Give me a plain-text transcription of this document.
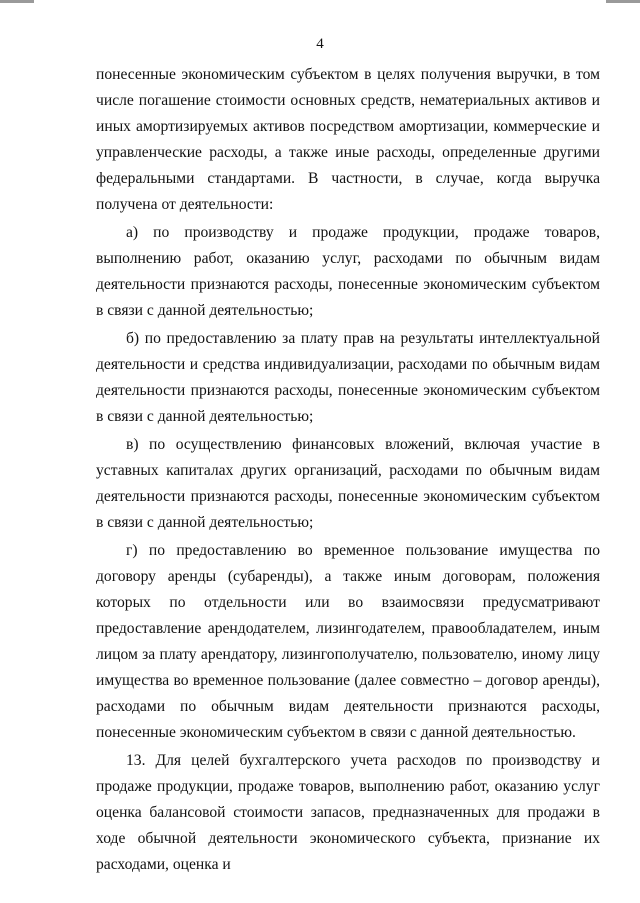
4

понесенные экономическим субъектом в целях получения выручки, в том числе погашение стоимости основных средств, нематериальных активов и иных амортизируемых активов посредством амортизации, коммерческие и управленческие расходы, а также иные расходы, определенные другими федеральными стандартами. В частности, в случае, когда выручка получена от деятельности:

а) по производству и продаже продукции, продаже товаров, выполнению работ, оказанию услуг, расходами по обычным видам деятельности признаются расходы, понесенные экономическим субъектом в связи с данной деятельностью;

б) по предоставлению за плату прав на результаты интеллектуальной деятельности и средства индивидуализации, расходами по обычным видам деятельности признаются расходы, понесенные экономическим субъектом в связи с данной деятельностью;

в) по осуществлению финансовых вложений, включая участие в уставных капиталах других организаций, расходами по обычным видам деятельности признаются расходы, понесенные экономическим субъектом в связи с данной деятельностью;

г) по предоставлению во временное пользование имущества по договору аренды (субаренды), а также иным договорам, положения которых по отдельности или во взаимосвязи предусматривают предоставление арендодателем, лизингодателем, правообладателем, иным лицом за плату арендатору, лизингополучателю, пользователю, иному лицу имущества во временное пользование (далее совместно – договор аренды), расходами по обычным видам деятельности признаются расходы, понесенные экономическим субъектом в связи с данной деятельностью.

13. Для целей бухгалтерского учета расходов по производству и продаже продукции, продаже товаров, выполнению работ, оказанию услуг оценка балансовой стоимости запасов, предназначенных для продажи в ходе обычной деятельности экономического субъекта, признание их расходами, оценка и
